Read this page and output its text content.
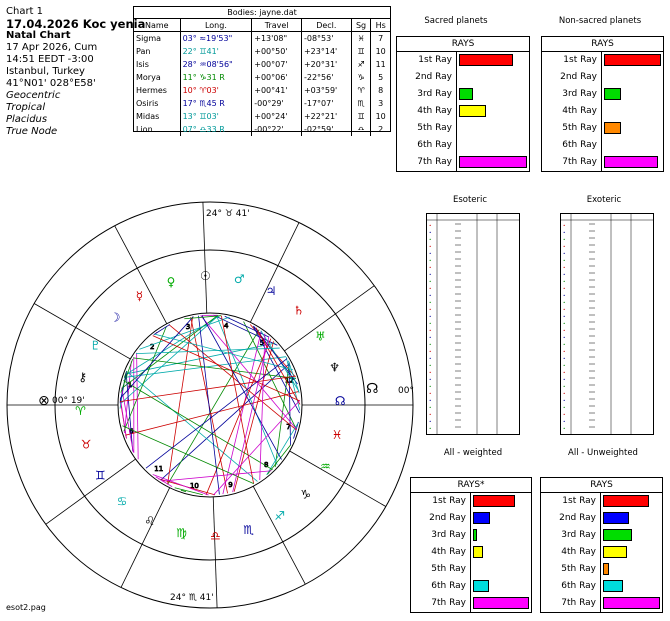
Chart 1
17.04.2026 Koc yenia
Natal Chart
17 Apr 2026, Cum
14:51 EEDT -3:00
Istanbul, Turkey
41°N01' 028°E58'
Geocentric
Tropical
Placidus
True Node
Bodies: jayne.dat
Name	Long.	Travel	Decl.	Sg	Hs
Sigma	03° ≈19'53"	+13'08"	-08°53'	♓	7
Pan	22° ♊41'	+00°50'	+23°14'	♊	10
Isis	28° ♒08'56"	+00°07'	+20°31'	♐	11
Morya	11° ♑31 R	+00°06'	-22°56'	♑	5
Hermes	10° ♈03'	+00°41'	+03°59'	♈	8
Osiris	17° ♏45 R	-00°29'	-17°07'	♏	3
Midas	13° ♊03'	+00°24'	+22°21'	♊	10
Lion	07° ♎33 R	-00°22'	-02°59'	♎	2
Sacred planets	Non-sacred planets
RAYS
1st Ray
2nd Ray
3rd Ray
4th Ray
5th Ray
6th Ray
7th Ray
RAYS
1st Ray
2nd Ray
3rd Ray
4th Ray
5th Ray
6th Ray
7th Ray
All - weighted	All - Unweighted
RAYS*
1st Ray
2nd Ray
3rd Ray
4th Ray
5th Ray
6th Ray
7th Ray
RAYS
1st Ray
2nd Ray
3rd Ray
4th Ray
5th Ray
6th Ray
7th Ray
Esoteric	Exoteric
•
•
•
•
•
•
•
•
•
•
•
•
•
•
•
•
•
•
•
•
•
•
•
•
•
•
•
•
•
•
•
•
•
•
•
•
•
•
•
•
•
•
•
•
•
•
•
•
•
•
•
•
•
•
•
•
•
•
•
•
1
2
3	4
5
6
7
8
9
10
11
12
♆
♅
♄
♃
♂
☉
♀
☿
☽
♇
⚷
♈
♉
♊
♋
♌
♍ ♎ ♏
♐
♑
♒
♓
☊
24° ♉ 41'
24° ♏ 41'
00° 19'
00°
⊗
☊
esot2.pag
